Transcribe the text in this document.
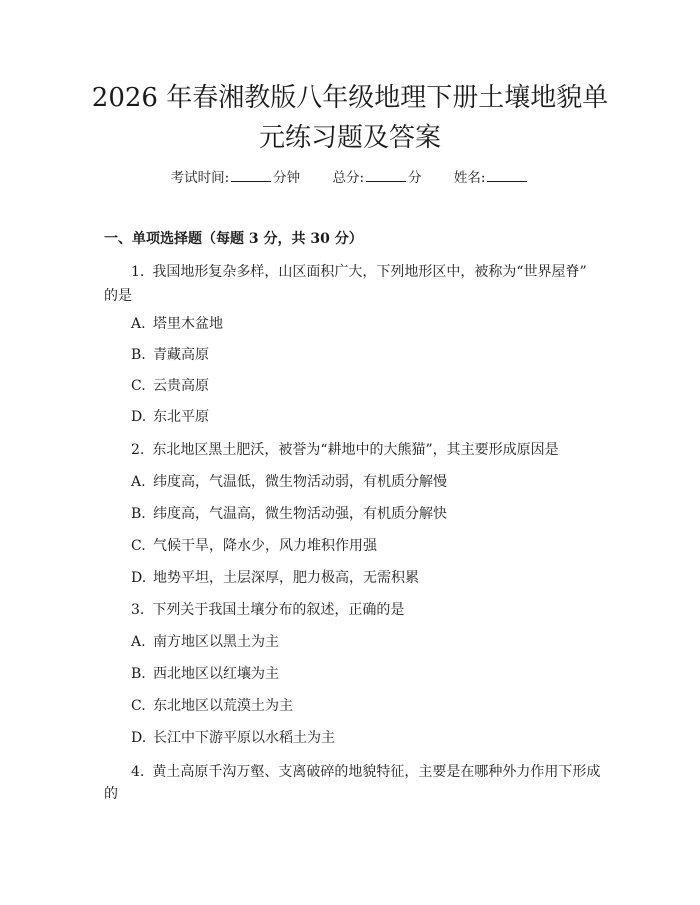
2026 年春湘教版八年级地理下册土壤地貌单
元练习题及答案
考试时间:	分钟 总分:	分 姓名:
一、单项选择题（每题 3 分，共 30 分）
1. 我国地形复杂多样，山区面积广大，下列地形区中，被称为“世界屋脊”
的是
A. 塔里木盆地
B. 青藏高原
C. 云贵高原
D. 东北平原
2. 东北地区黑土肥沃，被誉为“耕地中的大熊猫”，其主要形成原因是
A. 纬度高，气温低，微生物活动弱，有机质分解慢
B. 纬度高，气温高，微生物活动强，有机质分解快
C. 气候干旱，降水少，风力堆积作用强
D. 地势平坦，土层深厚，肥力极高，无需积累
3. 下列关于我国土壤分布的叙述，正确的是
A. 南方地区以黑土为主
B. 西北地区以红壤为主
C. 东北地区以荒漠土为主
D. 长江中下游平原以水稻土为主
4. 黄土高原千沟万壑、支离破碎的地貌特征，主要是在哪种外力作用下形成
的
